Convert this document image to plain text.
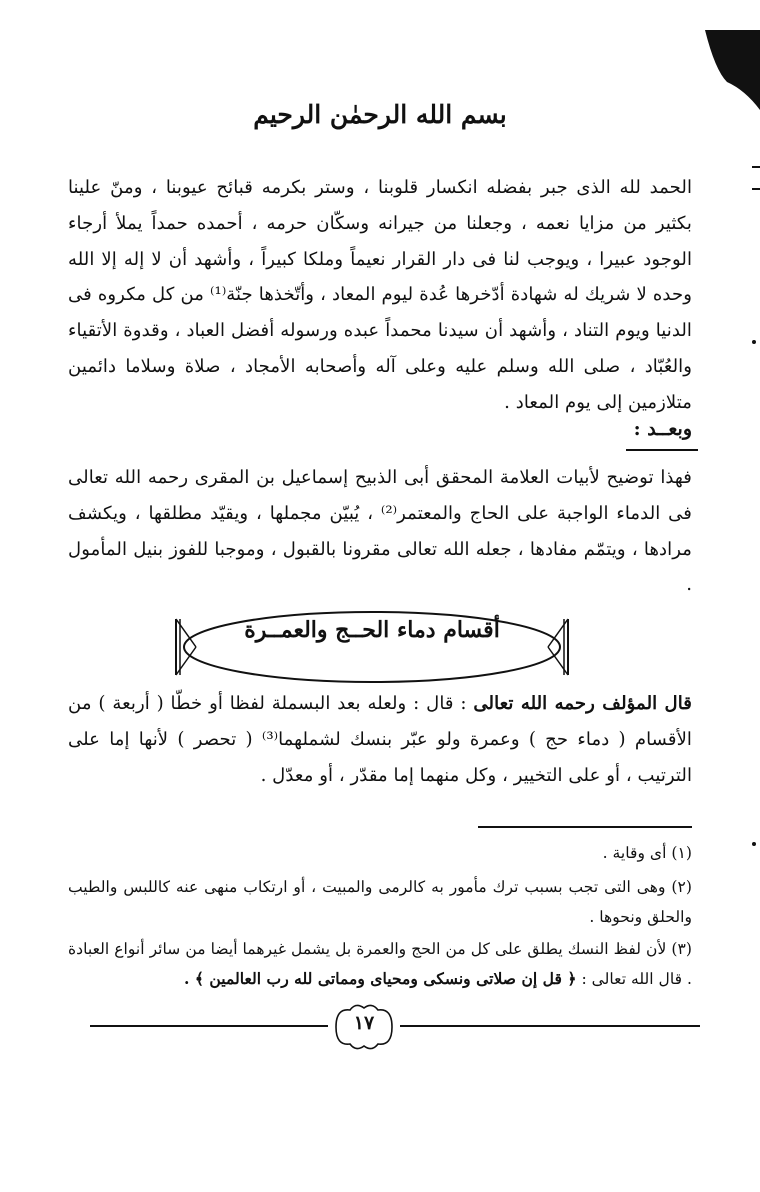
بسم الله الرحمٰن الرحيم

الحمد لله الذى جبر بفضله انكسار قلوبنا ، وستر بكرمه قبائح عيوبنا ، ومنّ علينا بكثير من مزايا نعمه ، وجعلنا من جيرانه وسكّان حرمه ، أحمده حمداً يملأ أرجاء الوجود عبيرا ، ويوجب لنا فى دار القرار نعيماً وملكا كبيراً ، وأشهد أن لا إله إلا الله وحده لا شريك له شهادة أدّخرها عُدة ليوم المعاد ، وأتّخذها جنّة⁽¹⁾ من كل مكروه فى الدنيا ويوم التناد ، وأشهد أن سيدنا محمداً عبده ورسوله أفضل العباد ، وقدوة الأتقياء والعُبّاد ، صلى الله وسلم عليه وعلى آله وأصحابه الأمجاد ، صلاة وسلاما دائمين متلازمين إلى يوم المعاد .

وبعــد :

فهذا توضيح لأبيات العلامة المحقق أبى الذبيح إسماعيل بن المقرى رحمه الله تعالى فى الدماء الواجبة على الحاج والمعتمر⁽²⁾ ، يُبيّن مجملها ، ويقيّد مطلقها ، ويكشف مرادها ، ويتمّم مفادها ، جعله الله تعالى مقرونا بالقبول ، وموجبا للفوز بنيل المأمول .

أقسام دماء الحــج والعمــرة

قال المؤلف رحمه الله تعالى : قال : ولعله بعد البسملة لفظا أو خطّا ( أربعة ) من الأقسام ( دماء حج ) وعمرة ولو عبّر بنسك لشملهما⁽³⁾ ( تحصر ) لأنها إما على الترتيب ، أو على التخيير ، وكل منهما إما مقدّر ، أو معدّل .

(١) أى وقاية .

(٢) وهى التى تجب بسبب ترك مأمور به كالرمى والمبيت ، أو ارتكاب منهى عنه كاللبس والطيب والحلق ونحوها .

(٣) لأن لفظ النسك يطلق على كل من الحج والعمرة بل يشمل غيرهما أيضا من سائر أنواع العبادة . قال الله تعالى : ﴿ قل إن صلاتى ونسكى ومحياى ومماتى لله رب العالمين ﴾ .

١٧
